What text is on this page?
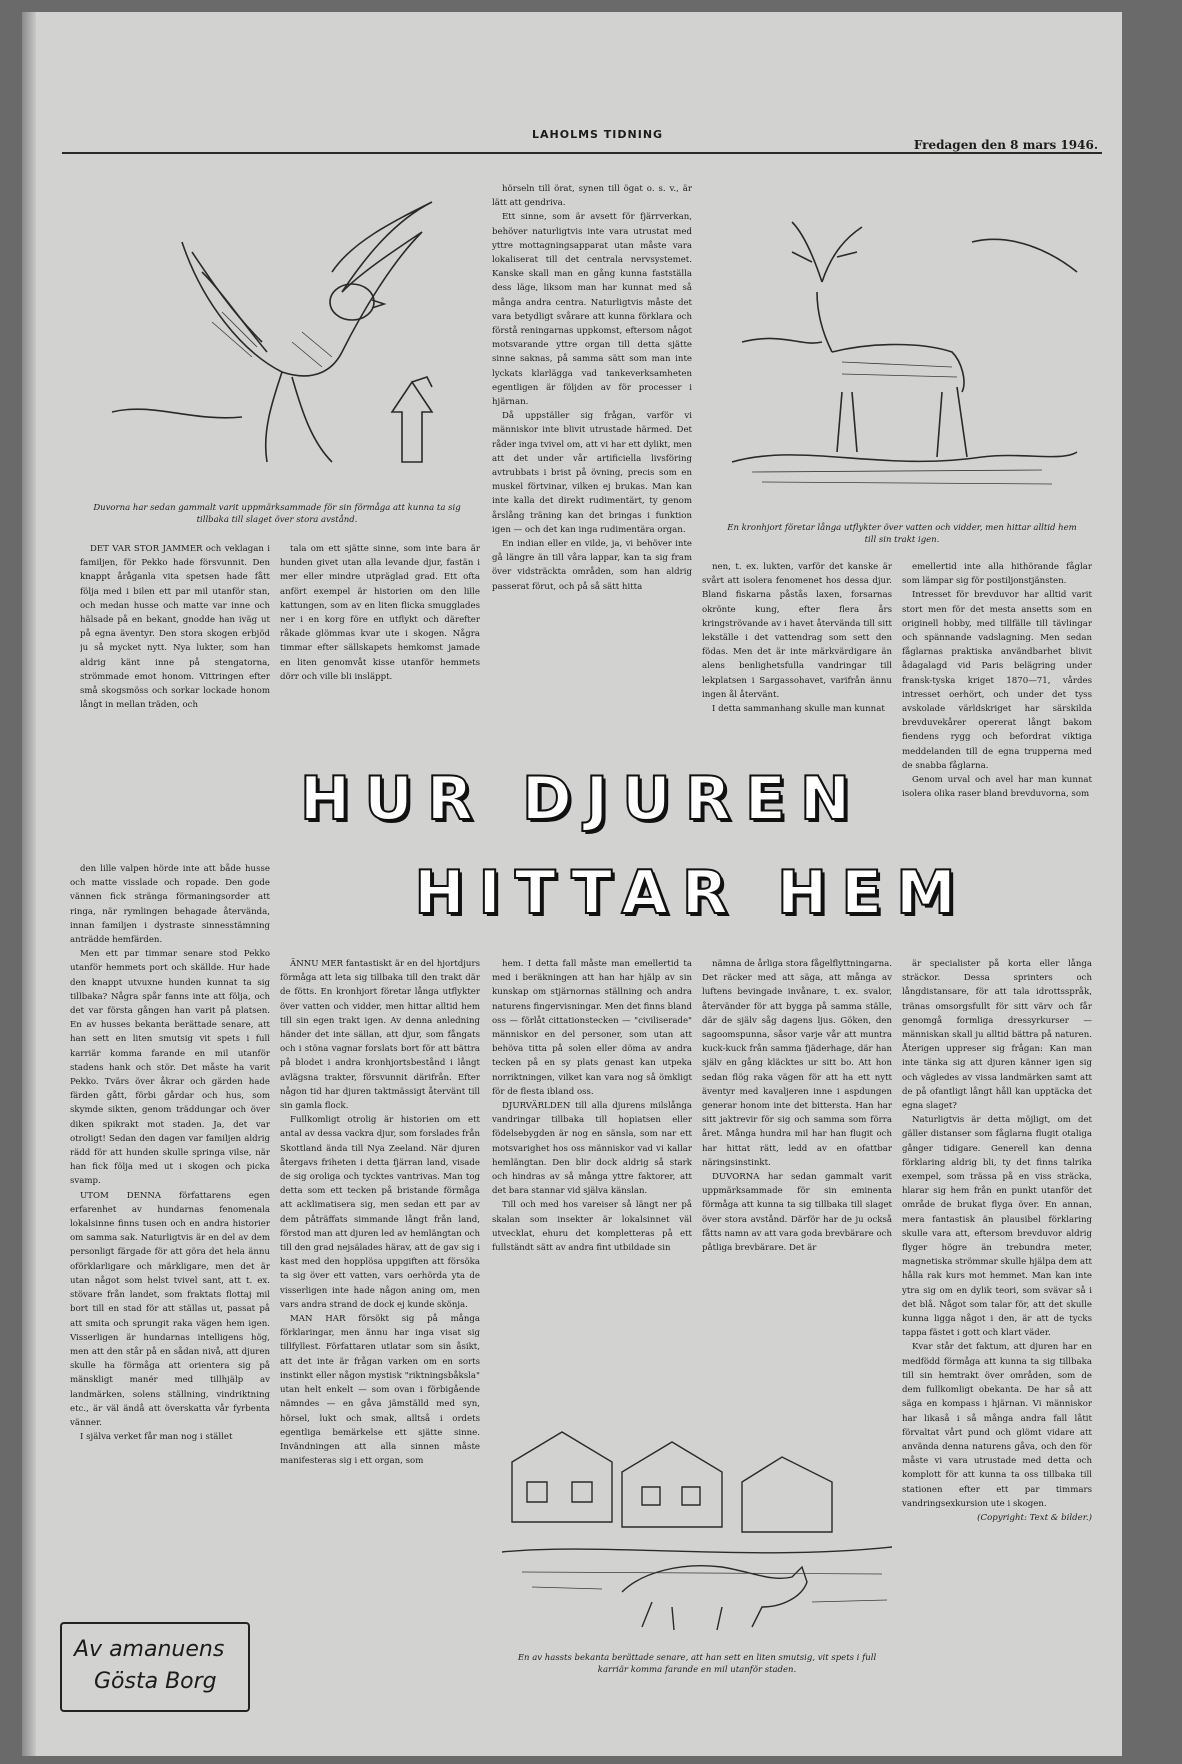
LAHOLMS TIDNING
Fredagen den 8 mars 1946.
Duvorna har sedan gammalt varit uppmärksammade för sin förmåga att kunna ta sig tillbaka till slaget över stora avstånd.
En kronhjort företar långa utflykter över vatten och vidder, men hittar alltid hem till sin trakt igen.

hörseln till örat, synen till ögat o. s. v., är lätt att gendriva.

Ett sinne, som är avsett för fjärrverkan, behöver naturligtvis inte vara utrustat med yttre mottagningsapparat utan måste vara lokaliserat till det centrala nervsystemet. Kanske skall man en gång kunna fastställa dess läge, liksom man har kunnat med så många andra centra. Naturligtvis måste det vara betydligt svårare att kunna förklara och förstå reningarnas uppkomst, eftersom något motsvarande yttre organ till detta sjätte sinne saknas, på samma sätt som man inte lyckats klarlägga vad tankeverksamheten egentligen är följden av för processer i hjärnan.

Då uppställer sig frågan, varför vi människor inte blivit utrustade härmed. Det råder inga tvivel om, att vi har ett dylikt, men att det under vår artificiella livsföring avtrubbats i brist på övning, precis som en muskel förtvinar, vilken ej brukas. Man kan inte kalla det direkt rudimentärt, ty genom årslång träning kan det bringas i funktion igen — och det kan inga rudimentära organ.

En indian eller en vilde, ja, vi behöver inte gå längre än till våra lappar, kan ta sig fram över vidsträckta områden, som han aldrig passerat förut, och på så sätt hitta

DET VAR STOR JAMMER och veklagan i familjen, för Pekko hade försvunnit. Den knappt åråganla vita spetsen hade fått följa med i bilen ett par mil utanför stan, och medan husse och matte var inne och hälsade på en bekant, gnodde han iväg ut på egna äventyr. Den stora skogen erbjöd ju så mycket nytt. Nya lukter, som han aldrig känt inne på stengatorna, strömmade emot honom. Vittringen efter små skogsmöss och sorkar lockade honom långt in mellan träden, och

tala om ett sjätte sinne, som inte bara är hunden givet utan alla levande djur, fastän i mer eller mindre utpräglad grad. Ett ofta anfört exempel är historien om den lille kattungen, som av en liten flicka smugglades ner i en korg före en utflykt och därefter råkade glömmas kvar ute i skogen. Några timmar efter sällskapets hemkomst jamade en liten genomvåt kisse utanför hemmets dörr och ville bli insläppt.

nen, t. ex. lukten, varför det kanske är svårt att isolera fenomenet hos dessa djur. Bland fiskarna påstås laxen, forsarnas okrönte kung, efter flera års kringströvande av i havet återvända till sitt lekställe i det vattendrag som sett den födas. Men det är inte märkvärdigare än alens benlighetsfulla vandringar till lekplatsen i Sargassohavet, varifrån ännu ingen ål återvänt.

I detta sammanhang skulle man kunnat

emellertid inte alla hithörande fåglar som lämpar sig för postiljonstjänsten.

Intresset för brevduvor har alltid varit stort men för det mesta ansetts som en originell hobby, med tillfälle till tävlingar och spännande vadslagning. Men sedan fåglarnas praktiska användbarhet blivit ådagalagd vid Paris belägring under fransk-tyska kriget 1870—71, vårdes intresset oerhört, och under det tyss avskolade världskriget har särskilda brevduvekårer opererat långt bakom fiendens rygg och befordrat viktiga meddelanden till de egna trupperna med de snabba fåglarna.

Genom urval och avel har man kunnat isolera olika raser bland brevduvorna, som

HUR DJUREN
HITTAR HEM

den lille valpen hörde inte att både husse och matte visslade och ropade. Den gode vännen fick stränga förmaningsorder att ringa, när rymlingen behagade återvända, innan familjen i dystraste sinnesstämning anträdde hemfärden.

Men ett par timmar senare stod Pekko utanför hemmets port och skällde. Hur hade den knappt utvuxne hunden kunnat ta sig tillbaka? Några spår fanns inte att följa, och det var första gången han varit på platsen. En av husses bekanta berättade senare, att han sett en liten smutsig vit spets i full karriär komma farande en mil utanför stadens hank och stör. Det måste ha varit Pekko. Tvärs över åkrar och gärden hade färden gått, förbi gårdar och hus, som skymde sikten, genom träddungar och över diken spikrakt mot staden. Ja, det var otroligt! Sedan den dagen var familjen aldrig rädd för att hunden skulle springa vilse, när han fick följa med ut i skogen och picka svamp.

UTOM DENNA författarens egen erfarenhet av hundarnas fenomenala lokalsinne finns tusen och en andra historier om samma sak. Naturligtvis är en del av dem personligt färgade för att göra det hela ännu oförklarligare och märkligare, men det är utan något som helst tvivel sant, att t. ex. stövare från landet, som fraktats flottaj mil bort till en stad för att ställas ut, passat på att smita och sprungit raka vägen hem igen. Visserligen är hundarnas intelligens hög, men att den står på en sådan nivå, att djuren skulle ha förmåga att orientera sig på mänskligt manér med tillhjälp av landmärken, solens ställning, vindriktning etc., är väl ändå att överskatta vår fyrbenta vänner.

I själva verket får man nog i stället

ÄNNU MER fantastiskt är en del hjortdjurs förmåga att leta sig tillbaka till den trakt där de fötts. En kronhjort företar långa utflykter över vatten och vidder, men hittar alltid hem till sin egen trakt igen. Av denna anledning händer det inte sällan, att djur, som fångats och i stöna vagnar forslats bort för att bättra på blodet i andra kronhjortsbestånd i långt avlägsna trakter, försvunnit därifrån. Efter någon tid har djuren taktmässigt återvänt till sin gamla flock.

Fullkomligt otrolig är historien om ett antal av dessa vackra djur, som forslades från Skottland ända till Nya Zeeland. När djuren återgavs friheten i detta fjärran land, visade de sig oroliga och tycktes vantrivas. Man tog detta som ett tecken på bristande förmåga att acklimatisera sig, men sedan ett par av dem påträffats simmande långt från land, förstod man att djuren led av hemlängtan och till den grad nejsälades härav, att de gav sig i kast med den hopplösa uppgiften att försöka ta sig över ett vatten, vars oerhörda yta de visserligen inte hade någon aning om, men vars andra strand de dock ej kunde skönja.

MAN HAR försökt sig på många förklaringar, men ännu har inga visat sig tillfyllest. Författaren utlatar som sin åsikt, att det inte är frågan varken om en sorts instinkt eller någon mystisk "riktningsbåksla" utan helt enkelt — som ovan i förbigående nämndes — en gåva jämställd med syn, hörsel, lukt och smak, alltså i ordets egentliga bemärkelse ett sjätte sinne. Invändningen att alla sinnen måste manifesteras sig i ett organ, som

hem. I detta fall måste man emellertid ta med i beräkningen att han har hjälp av sin kunskap om stjärnornas ställning och andra naturens fingervisningar. Men det finns bland oss — förlåt cittationstecken — "civiliserade" människor en del personer, som utan att behöva titta på solen eller döma av andra tecken på en sy plats genast kan utpeka norriktningen, vilket kan vara nog så ömkligt för de flesta ibland oss.

DJURVÄRLDEN till alla djurens milslånga vandringar tillbaka till hopiatsen eller födelsebygden är nog en sänsla, som nar ett motsvarighet hos oss människor vad vi kallar hemlängtan. Den blir dock aldrig så stark och hindras av så många yttre faktorer, att det bara stannar vid själva känslan.

Till och med hos vareiser så längt ner på skalan som insekter är lokalsinnet väl utvecklat, ehuru det kompletteras på ett fullständt sätt av andra fint utbildade sin

nämna de årliga stora fågelflyttningarna. Det räcker med att säga, att många av luftens bevingade invånare, t. ex. svalor, återvänder för att bygga på samma ställe, där de själv såg dagens ljus. Göken, den sagoomspunna, såsor varje vår att muntra kuck-kuck från samma fjäderhage, där han själv en gång kläcktes ur sitt bo. Att hon sedan flög raka vägen för att ha ett nytt äventyr med kavaljeren inne i aspdungen generar honom inte det bittersta. Han har sitt jaktrevir för sig och samma som förra året. Många hundra mil har han flugit och har hittat rätt, ledd av en ofattbar näringsinstinkt.

DUVORNA har sedan gammalt varit uppmärksammade för sin eminenta förmåga att kunna ta sig tillbaka till slaget över stora avstånd. Därför har de ju också fåtts namn av att vara goda brevbärare och påtliga brevbärare. Det är

är specialister på korta eller långa sträckor. Dessa sprinters och långdistansare, för att tala idrottsspråk, tränas omsorgsfullt för sitt värv och får genomgå formliga dressyrkurser — människan skall ju alltid bättra på naturen. Återigen uppreser sig frågan: Kan man inte tänka sig att djuren känner igen sig och vägledes av vissa landmärken samt att de på ofantligt långt håll kan upptäcka det egna slaget?

Naturligtvis är detta möjligt, om det gäller distanser som fåglarna flugit otaliga gånger tidigare. Generell kan denna förklaring aldrig bli, ty det finns talrika exempel, som trässa på en viss sträcka, hlarar sig hem från en punkt utanför det område de brukat flyga över. En annan, mera fantastisk än plausibel förklaring skulle vara att, eftersom brevduvor aldrig flyger högre än trebundra meter, magnetiska strömmar skulle hjälpa dem att hålla rak kurs mot hemmet. Man kan inte ytra sig om en dylik teori, som svävar så i det blå. Något som talar för, att det skulle kunna ligga något i den, är att de tycks tappa fästet i gott och klart väder.

Kvar står det faktum, att djuren har en medfödd förmåga att kunna ta sig tillbaka till sin hemtrakt över områden, som de dem fullkomligt obekanta. De har så att säga en kompass i hjärnan. Vi människor har likaså i så många andra fall låtit förvaltat vårt pund och glömt vidare att använda denna naturens gåva, och den för måste vi vara utrustade med detta och komplott för att kunna ta oss tillbaka till stationen efter ett par timmars vandringsexkursion ute i skogen.

(Copyright: Text & bilder.)

En av hassts bekanta berättade senare, att han sett en liten smutsig, vit spets i full karriär komma farande en mil utanför staden.
Av amanuens
Gösta Borg
